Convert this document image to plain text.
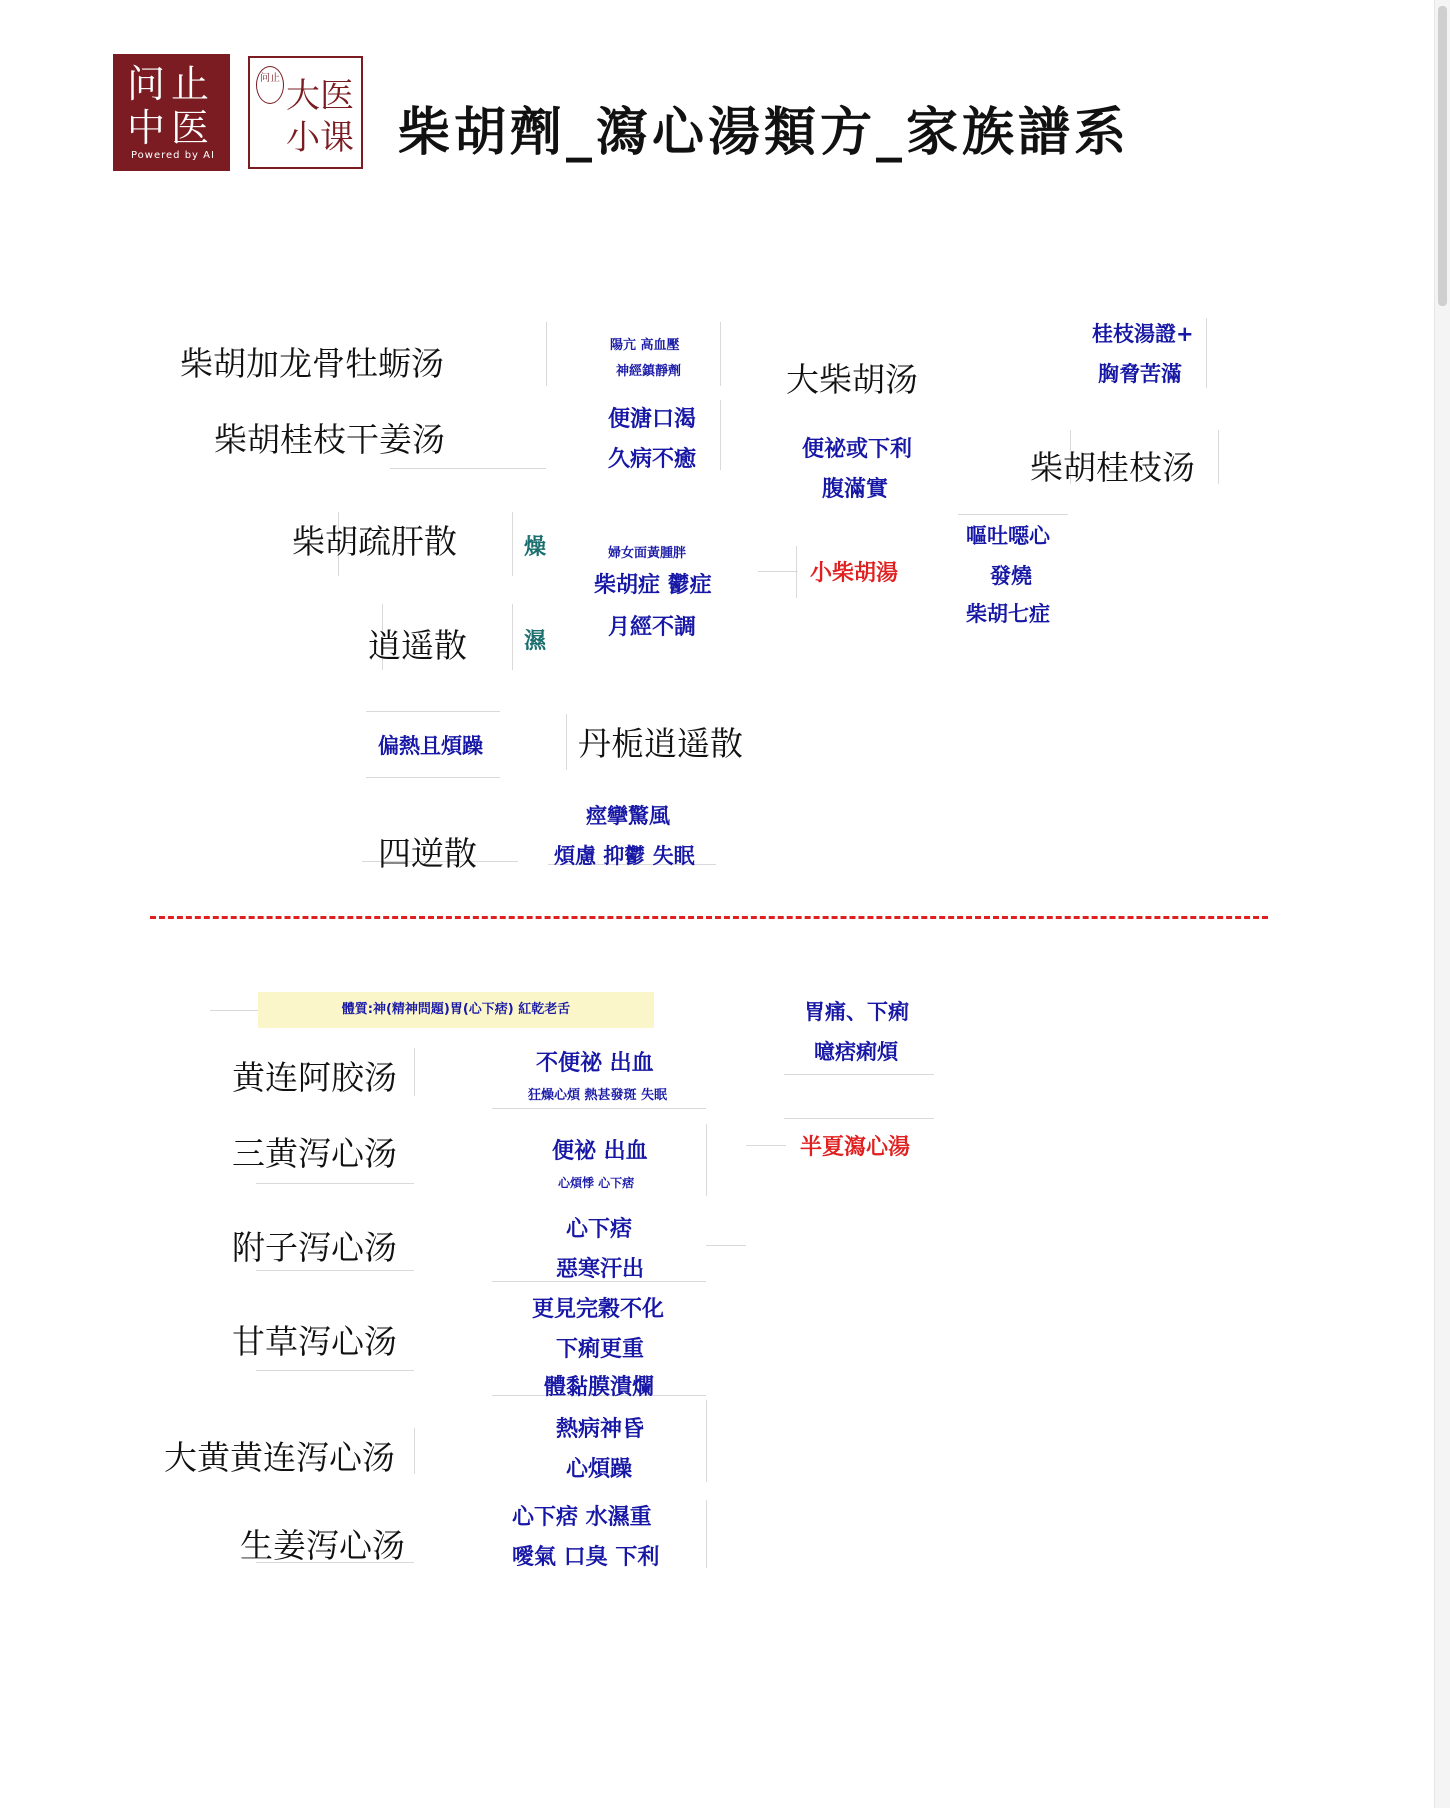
问止
中医
Powered by AI
问止 大医
小课 柴胡劑_瀉心湯類方_家族譜系
柴胡加龙骨牡蛎汤
柴胡桂枝干姜汤
柴胡疏肝散
逍遥散
丹栀逍遥散
四逆散
大柴胡汤
柴胡桂枝汤
小柴胡湯
陽亢 高血壓
神經鎮靜劑
便溏口渴
久病不癒	便祕或下利
腹滿實
桂枝湯證+
胸脅苦滿
嘔吐噁心
發燒
柴胡七症
婦女面黃腫胖
柴胡症 鬱症
月經不調
燥
濕
偏熱且煩躁
痙攣驚風
煩慮 抑鬱 失眠
體質:神(精神問題)胃(心下痞) 紅乾老舌
黄连阿胶汤
三黄泻心汤
附子泻心汤
甘草泻心汤
大黄黄连泻心汤
生姜泻心汤
半夏瀉心湯
胃痛、下痢
噫痞痢煩
不便祕 出血
狂燥心煩 熱甚發斑 失眠
便祕 出血
心煩悸 心下痞
心下痞
惡寒汗出
更見完穀不化
下痢更重
體黏膜潰爛
熱病神昏
心煩躁
心下痞 水濕重
噯氣 口臭 下利
